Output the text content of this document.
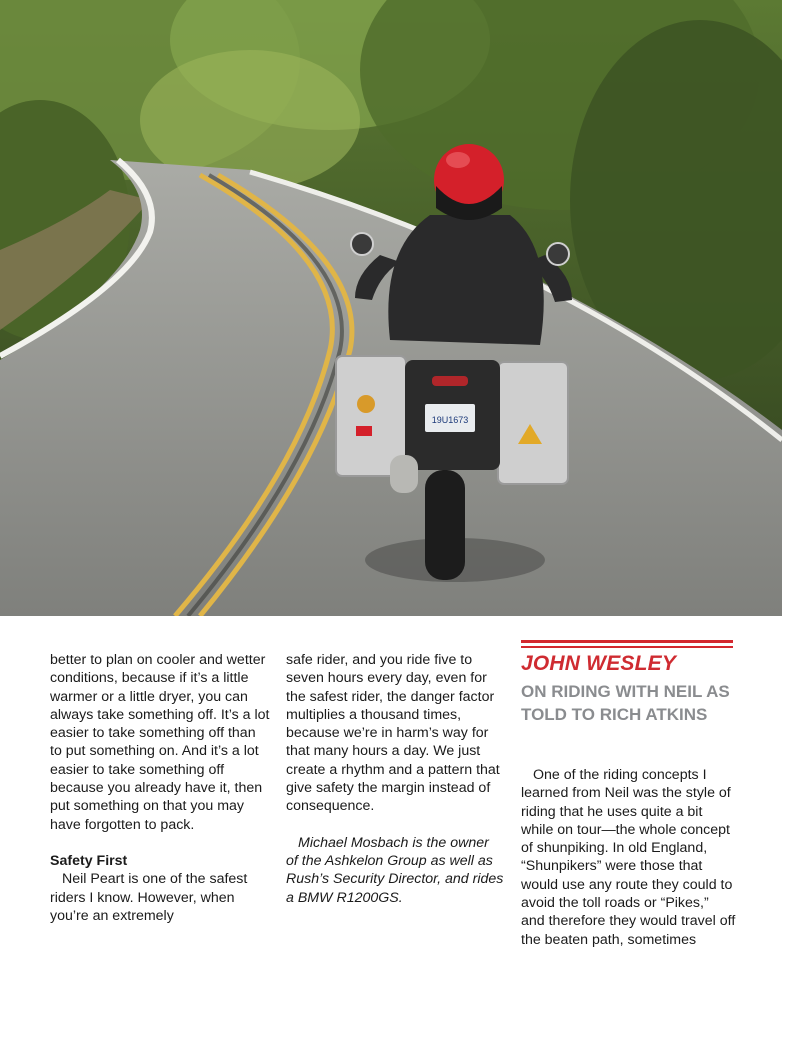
19U1673

better to plan on cooler and wetter conditions, because if it’s a little warmer or a little dryer, you can always take something off. It’s a lot easier to take something off than to put something on. And it’s a lot easier to take something off because you already have it, then put something on that you may have forgotten to pack.

Safety First

Neil Peart is one of the safest riders I know. However, when you’re an extremely

safe rider, and you ride five to seven hours every day, even for the safest rider, the danger factor multiplies a thousand times, because we’re in harm’s way for that many hours a day. We just create a rhythm and a pattern that give safety the margin instead of consequence.

Michael Mosbach is the owner of the Ashkelon Group as well as Rush’s Security Director, and rides a BMW R1200GS.

JOHN WESLEY
ON RIDING WITH NEIL AS TOLD TO RICH ATKINS

One of the riding concepts I learned from Neil was the style of riding that he uses quite a bit while on tour—the whole concept of shunpiking. In old England, “Shunpikers” were those that would use any route they could to avoid the toll roads or “Pikes,” and therefore they would travel off the beaten path, sometimes
